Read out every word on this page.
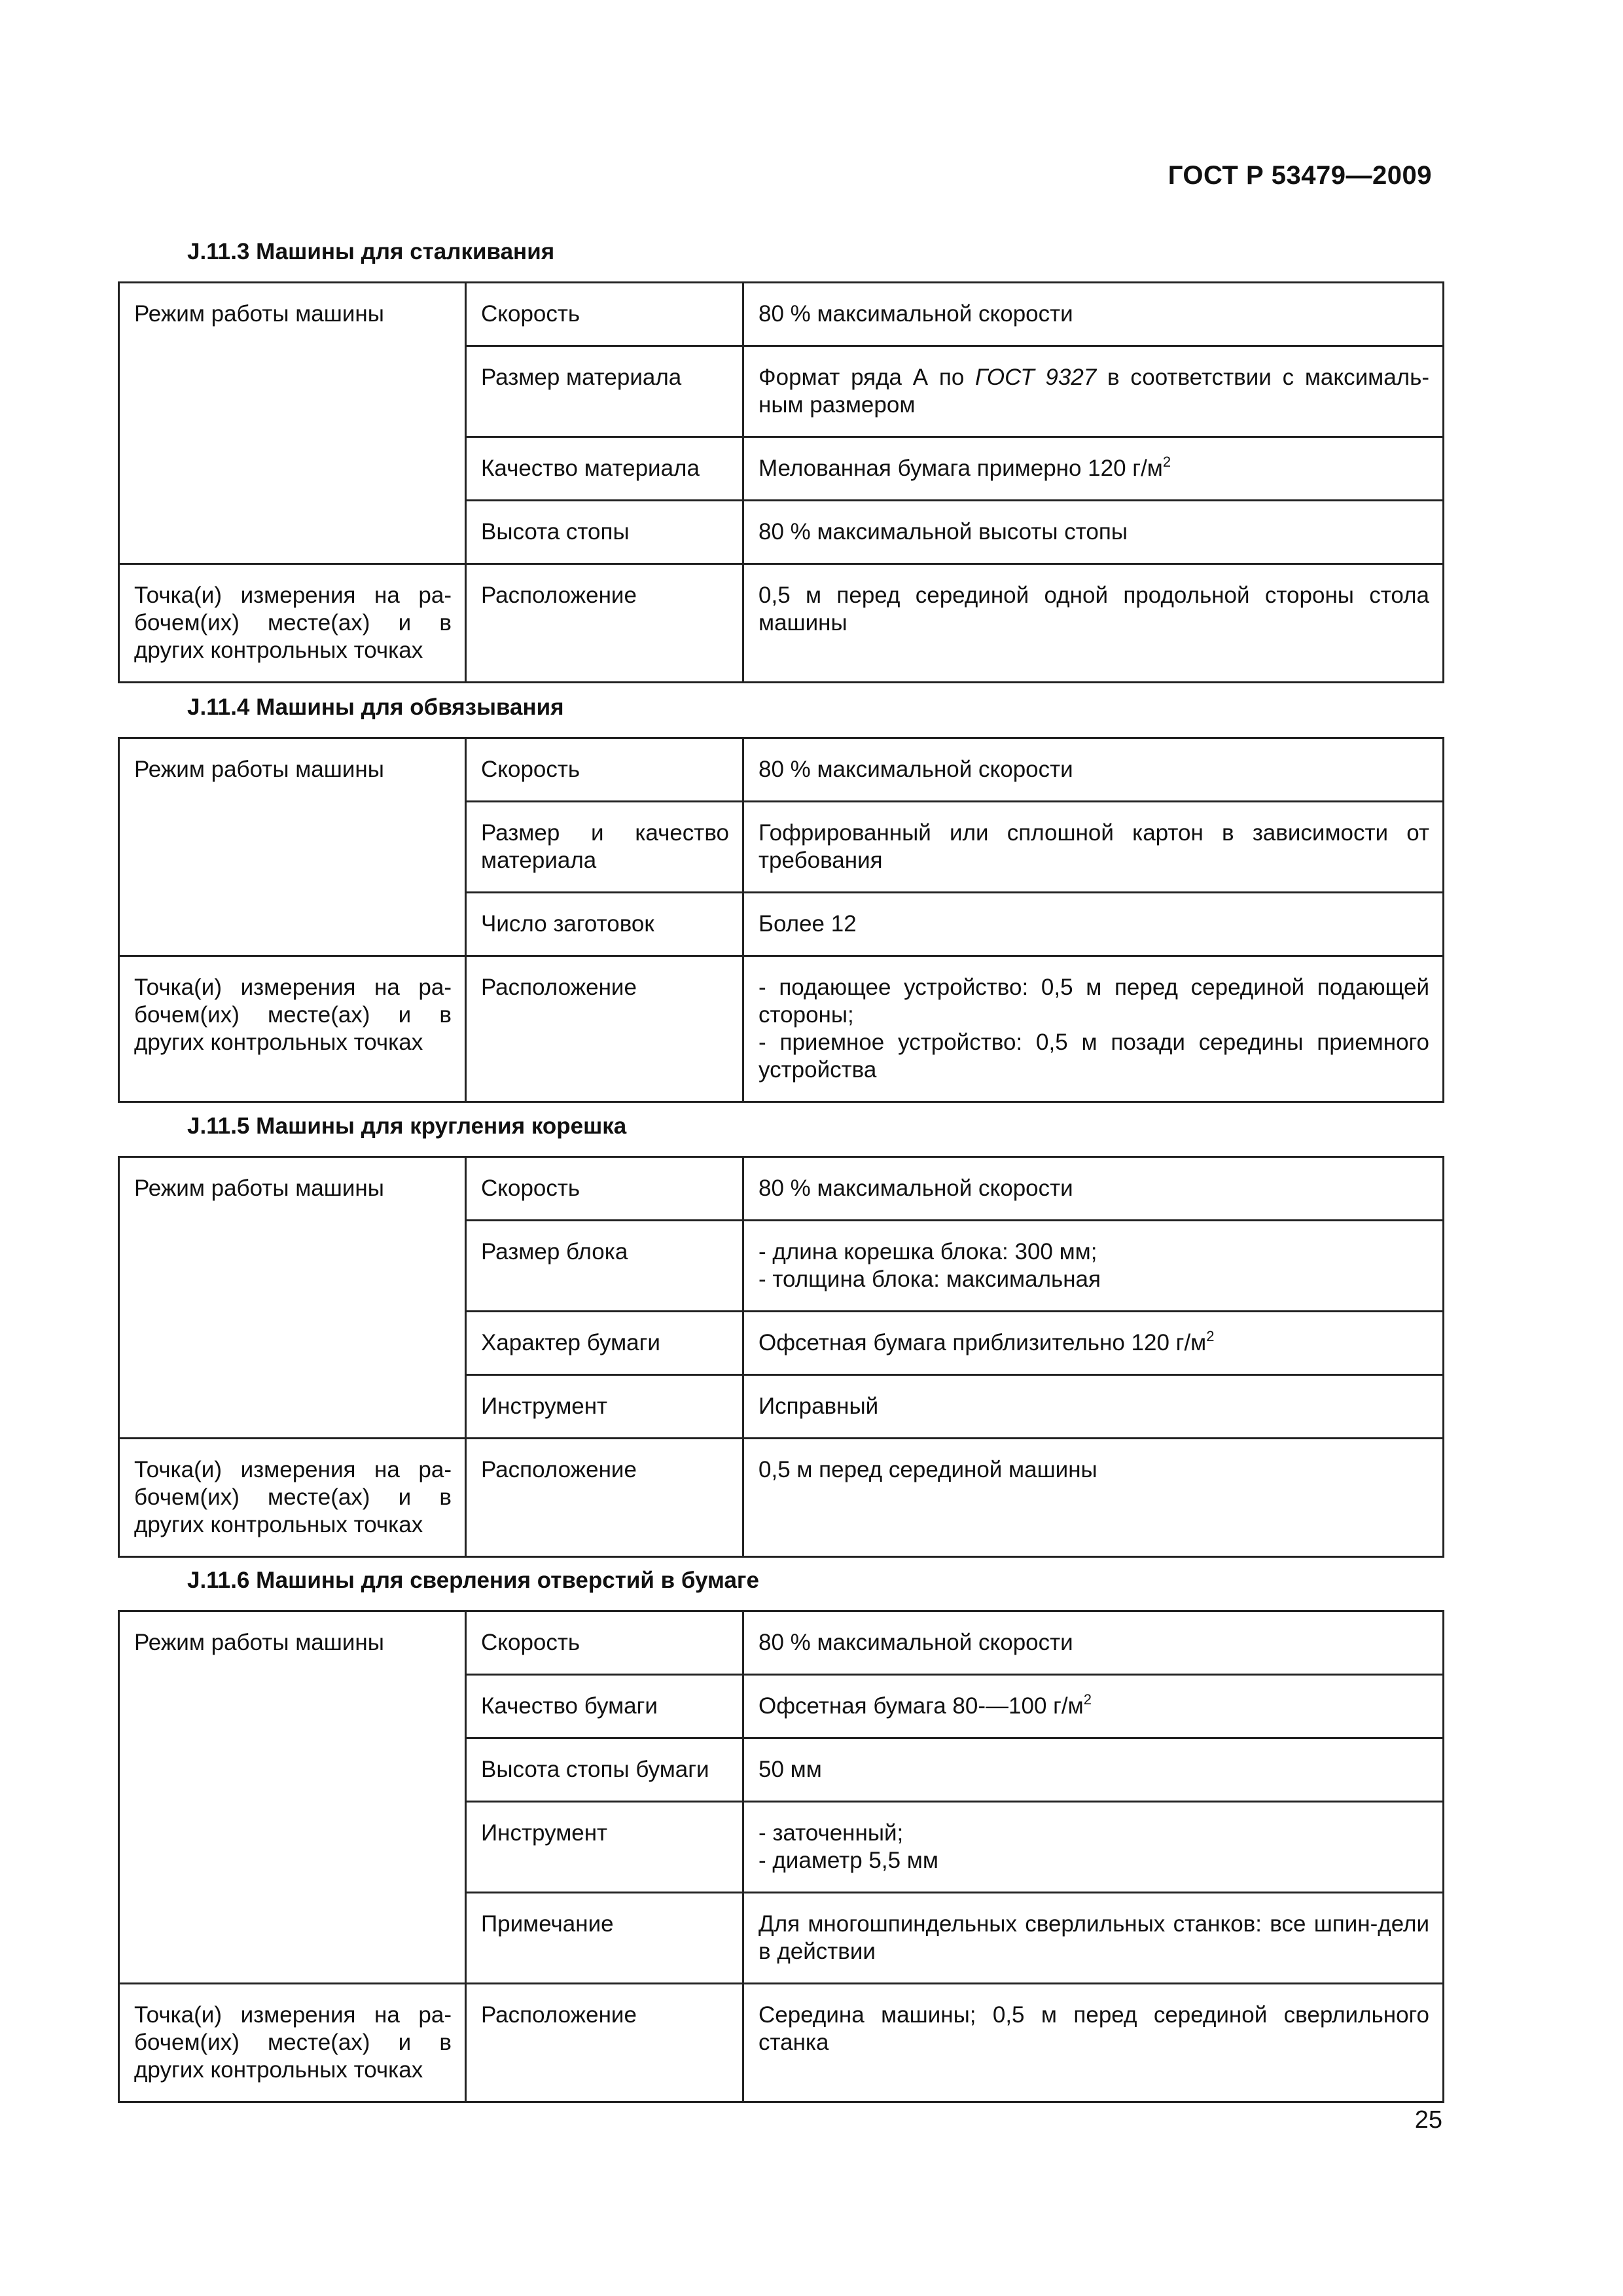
ГОСТ Р 53479—2009
J.11.3 Машины для сталкивания
Режим работы машины	Скорость	80 % максимальной скорости
	Размер материала	Формат ряда А по ГОСТ 9327 в соответствии с максималь-ным размером
	Качество материала	Мелованная бумага примерно 120 $г/м^2$
	Высота стопы	80 % максимальной высоты стопы
Точка(и) измерения на ра-бочем(их) месте(ах) и в других контрольных точках	Расположение	0,5 м перед серединой одной продольной стороны стола машины
J.11.4 Машины для обвязывания
Режим работы машины	Скорость	80 % максимальной скорости
	Размер и качество материала	Гофрированный или сплошной картон в зависимости от требования
	Число заготовок	Более 12
Точка(и) измерения на ра-бочем(их) месте(ах) и в других контрольных точках	Расположение	- подающее устройство: 0,5 м перед серединой подающей стороны;
- приемное устройство: 0,5 м позади середины приемного устройства
J.11.5 Машины для кругления корешка
Режим работы машины	Скорость	80 % максимальной скорости
	Размер блока	- длина корешка блока: 300 мм;
- толщина блока: максимальная

	Характер бумаги	Офсетная бумага приблизительно 120 $г/м^2$
	Инструмент	Исправный
Точка(и) измерения на ра-бочем(их) месте(ах) и в других контрольных точках	Расположение	0,5 м перед серединой машины
J.11.6 Машины для сверления отверстий в бумаге
Режим работы машины	Скорость	80 % максимальной скорости
	Качество бумаги	Офсетная бумага 80-—100 $г/м^2$
	Высота стопы бумаги	50 мм
	Инструмент	- заточенный;
- диаметр 5,5 мм

	Примечание	Для многошпиндельных сверлильных станков: все шпин-дели в действии
Точка(и) измерения на ра-бочем(их) месте(ах) и в других контрольных точках	Расположение	Середина машины; 0,5 м перед серединой сверлильного станка
25
